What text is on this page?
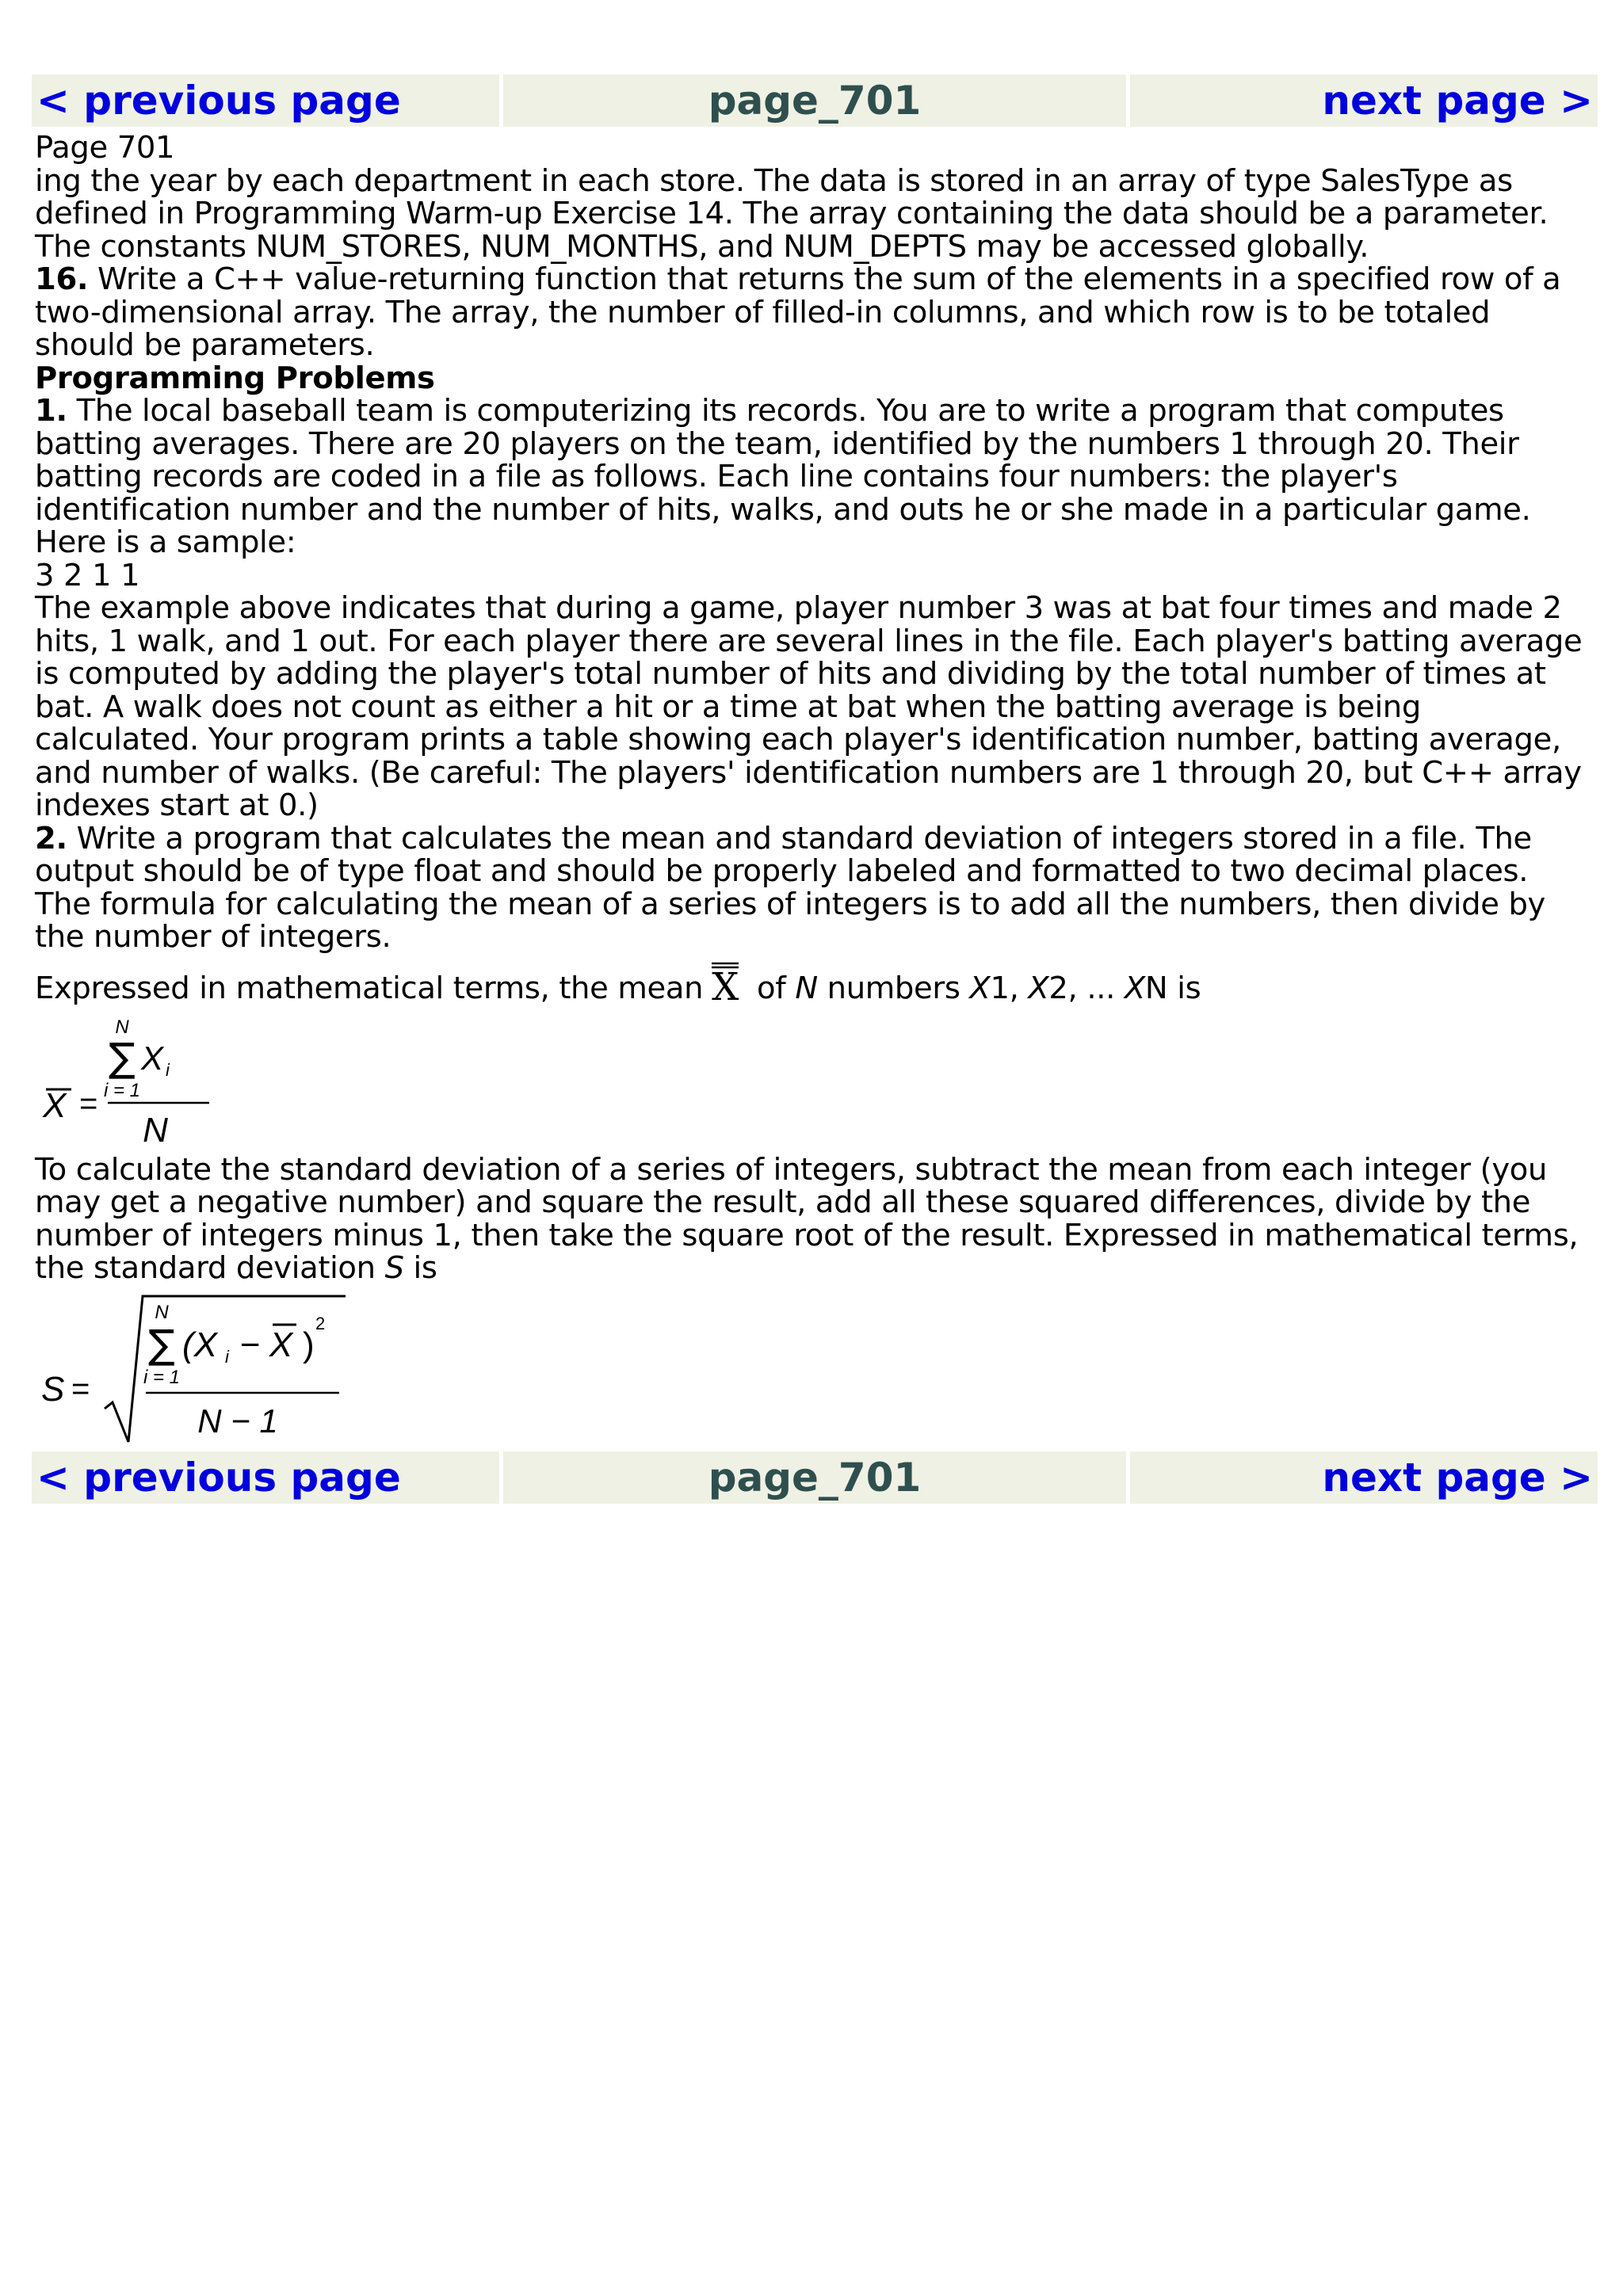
< previous page	page_701	next page >

Page 701

ing the year by each department in each store. The data is stored in an array of type SalesType as defined in Programming Warm-up Exercise 14. The array containing the data should be a parameter. The constants NUM_STORES, NUM_MONTHS, and NUM_DEPTS may be accessed globally.

16. Write a C++ value-returning function that returns the sum of the elements in a specified row of a two-dimensional array. The array, the number of filled-in columns, and which row is to be totaled should be parameters.

Programming Problems

1. The local baseball team is computerizing its records. You are to write a program that computes batting averages. There are 20 players on the team, identified by the numbers 1 through 20. Their batting records are coded in a file as follows. Each line contains four numbers: the player's identification number and the number of hits, walks, and outs he or she made in a particular game. Here is a sample:

3 2 1 1

The example above indicates that during a game, player number 3 was at bat four times and made 2 hits, 1 walk, and 1 out. For each player there are several lines in the file. Each player's batting average is computed by adding the player's total number of hits and dividing by the total number of times at bat. A walk does not count as either a hit or a time at bat when the batting average is being calculated. Your program prints a table showing each player's identification number, batting average, and number of walks. (Be careful: The players' identification numbers are 1 through 20, but C++ array indexes start at 0.)

2. Write a program that calculates the mean and standard deviation of integers stored in a file. The output should be of type float and should be properly labeled and formatted to two decimal places. The formula for calculating the mean of a series of integers is to add all the numbers, then divide by the number of integers.

Expressed in mathematical terms, the mean X of N numbers X1, X2, ... XN is

X =
N
∑ X i
i = 1
N

To calculate the standard deviation of a series of integers, subtract the mean from each integer (you may get a negative number) and square the result, add all these squared differences, divide by the number of integers minus 1, then take the square root of the result. Expressed in mathematical terms, the standard deviation S is

S =
N
∑
i = 1
(X i − X )
2
N − 1
< previous page	page_701	next page >
